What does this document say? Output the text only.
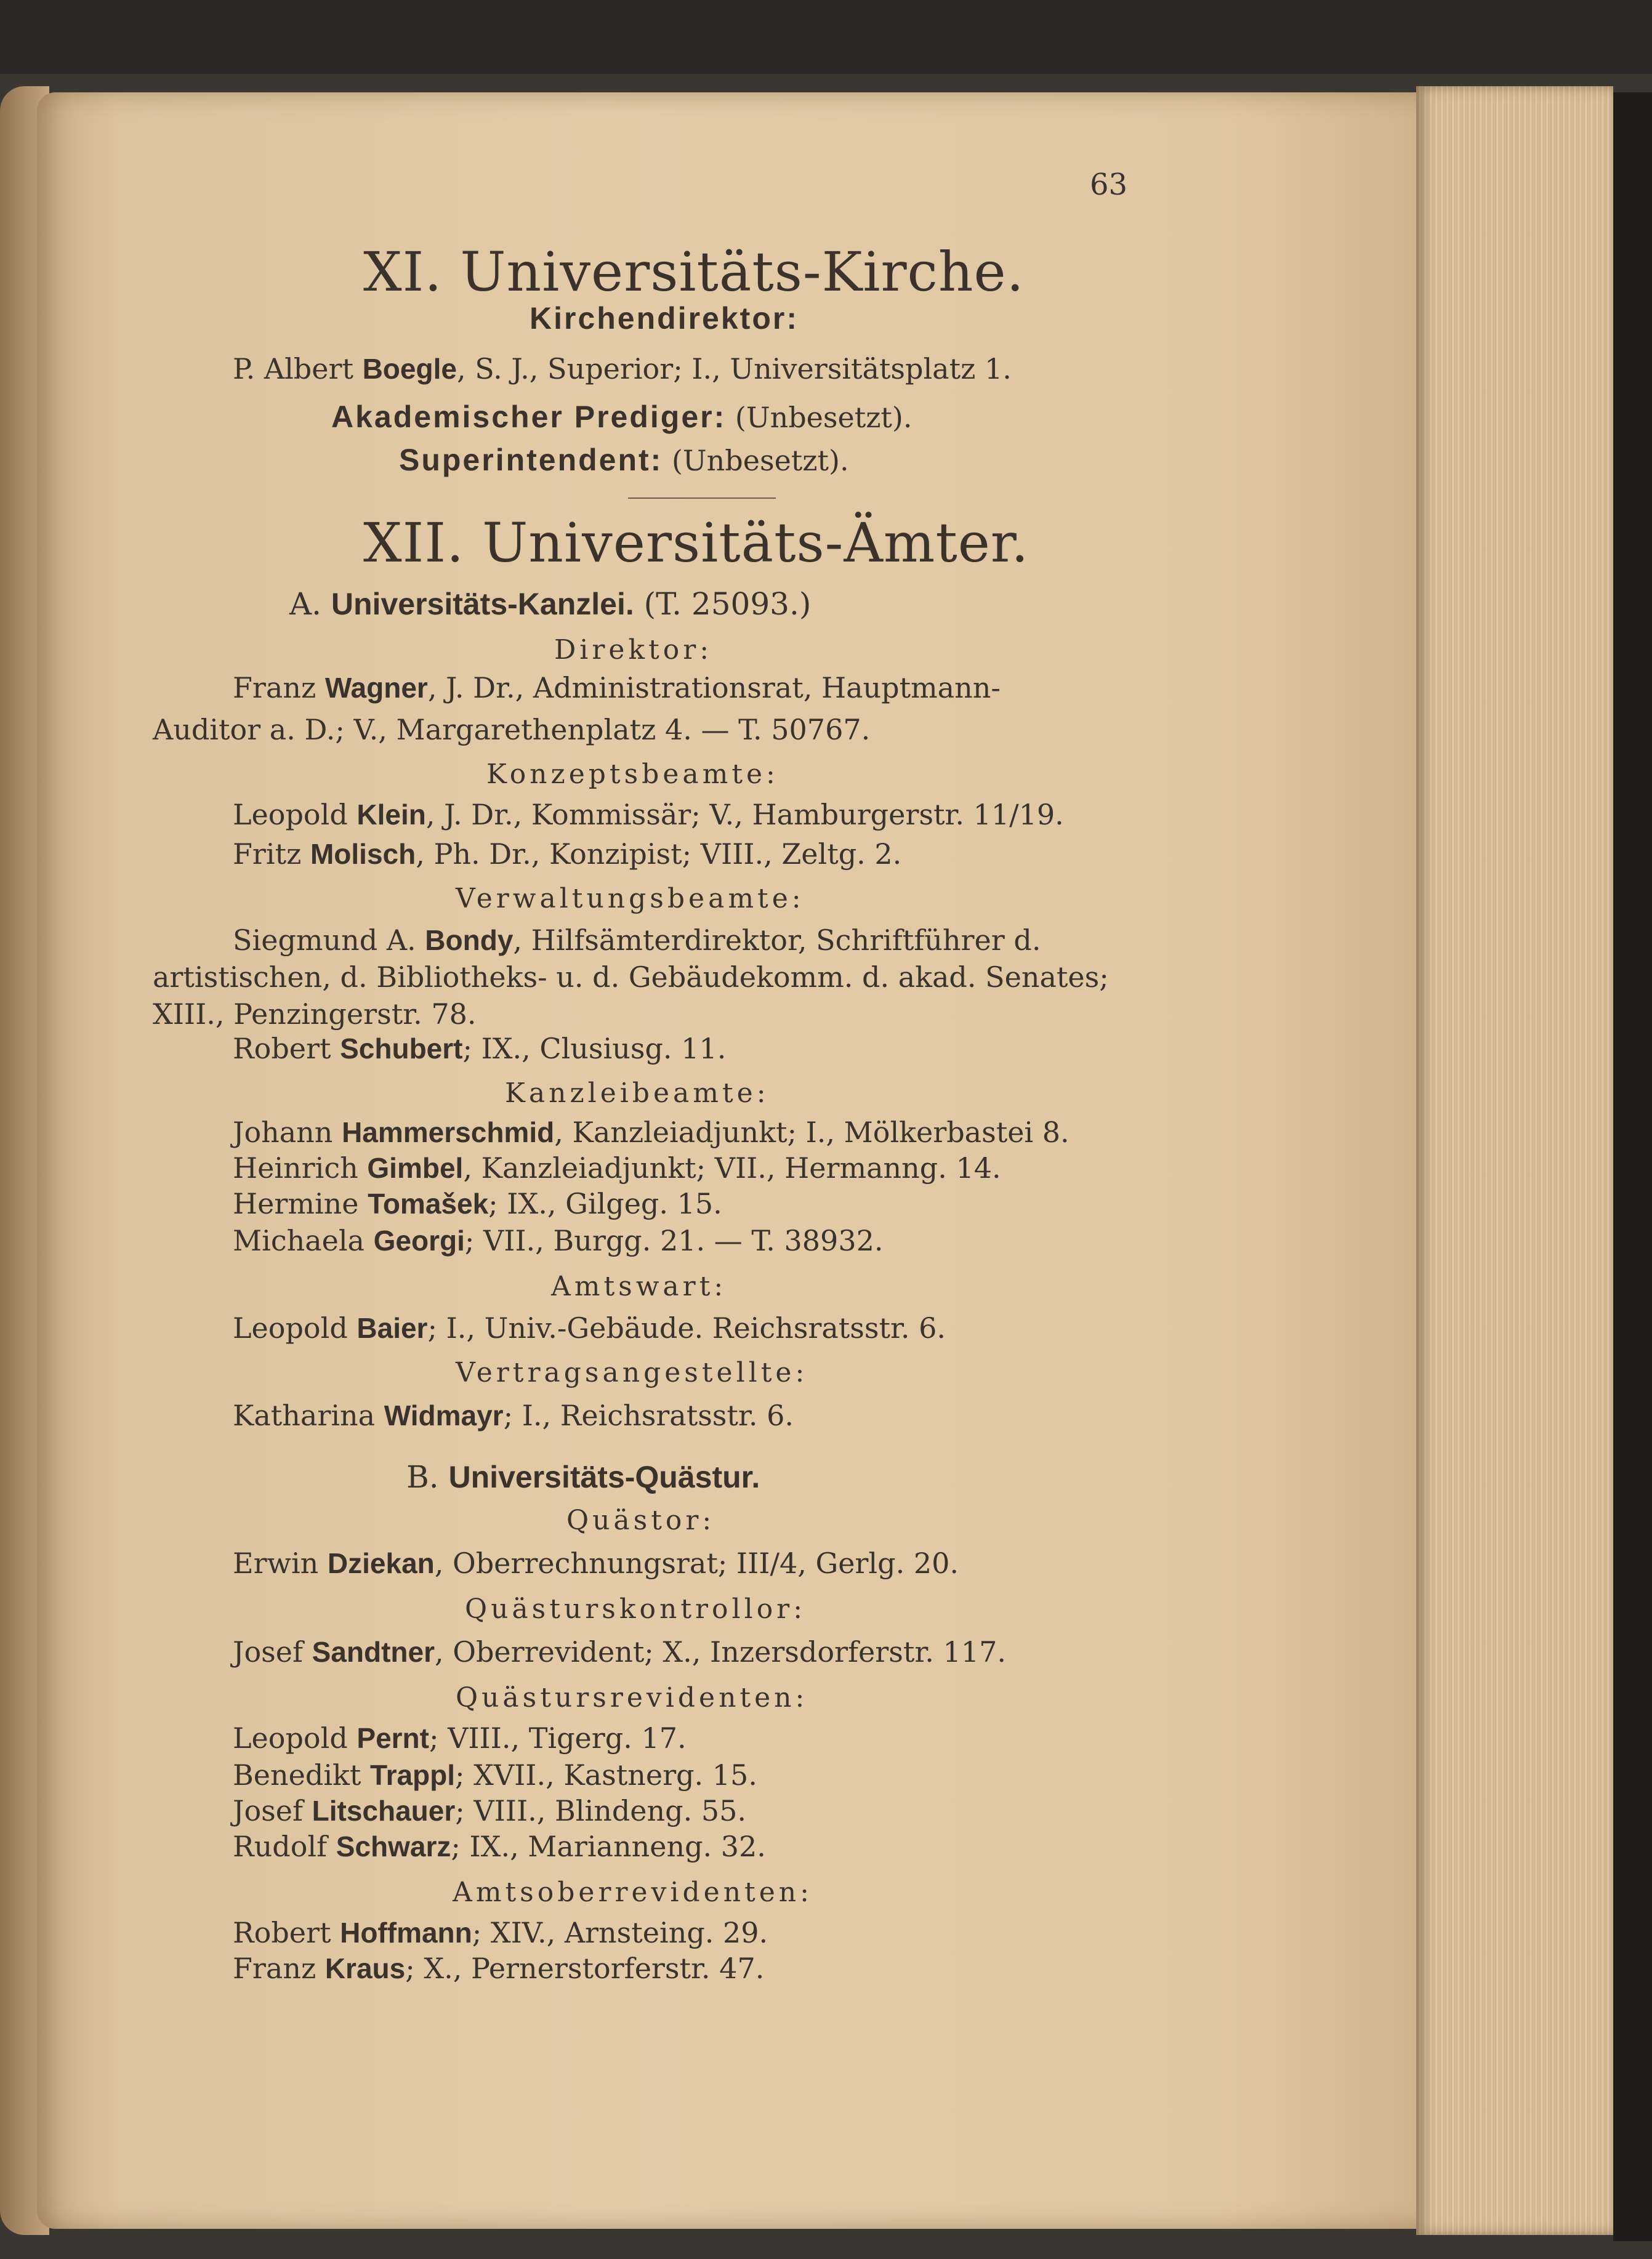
63
XI. Universitäts-Kirche.
Kirchendirektor:
P. Albert Boegle, S. J., Superior; I., Universitätsplatz 1.
Akademischer Prediger: (Unbesetzt).
Superintendent: (Unbesetzt).
XII. Universitäts-Ämter.
A. Universitäts-Kanzlei. (T. 25093.)
Direktor:
Franz Wagner, J. Dr., Administrationsrat, Hauptmann-
Auditor a. D.; V., Margarethenplatz 4. — T. 50767.
Konzeptsbeamte:
Leopold Klein, J. Dr., Kommissär; V., Hamburgerstr. 11/19.
Fritz Molisch, Ph. Dr., Konzipist; VIII., Zeltg. 2.
Verwaltungsbeamte:
Siegmund A. Bondy, Hilfsämterdirektor, Schriftführer d.
artistischen, d. Bibliotheks- u. d. Gebäudekomm. d. akad. Senates;
XIII., Penzingerstr. 78.
Robert Schubert; IX., Clusiusg. 11.
Kanzleibeamte:
Johann Hammerschmid, Kanzleiadjunkt; I., Mölkerbastei 8.
Heinrich Gimbel, Kanzleiadjunkt; VII., Hermanng. 14.
Hermine Tomašek; IX., Gilgeg. 15.
Michaela Georgi; VII., Burgg. 21. — T. 38932.
Amtswart:
Leopold Baier; I., Univ.-Gebäude. Reichsratsstr. 6.
Vertragsangestellte:
Katharina Widmayr; I., Reichsratsstr. 6.
B. Universitäts-Quästur.
Quästor:
Erwin Dziekan, Oberrechnungsrat; III/4, Gerlg. 20.
Quästurskontrollor:
Josef Sandtner, Oberrevident; X., Inzersdorferstr. 117.
Quästursrevidenten:
Leopold Pernt; VIII., Tigerg. 17.
Benedikt Trappl; XVII., Kastnerg. 15.
Josef Litschauer; VIII., Blindeng. 55.
Rudolf Schwarz; IX., Marianneng. 32.
Amtsoberrevidenten:
Robert Hoffmann; XIV., Arnsteing. 29.
Franz Kraus; X., Pernerstorferstr. 47.
